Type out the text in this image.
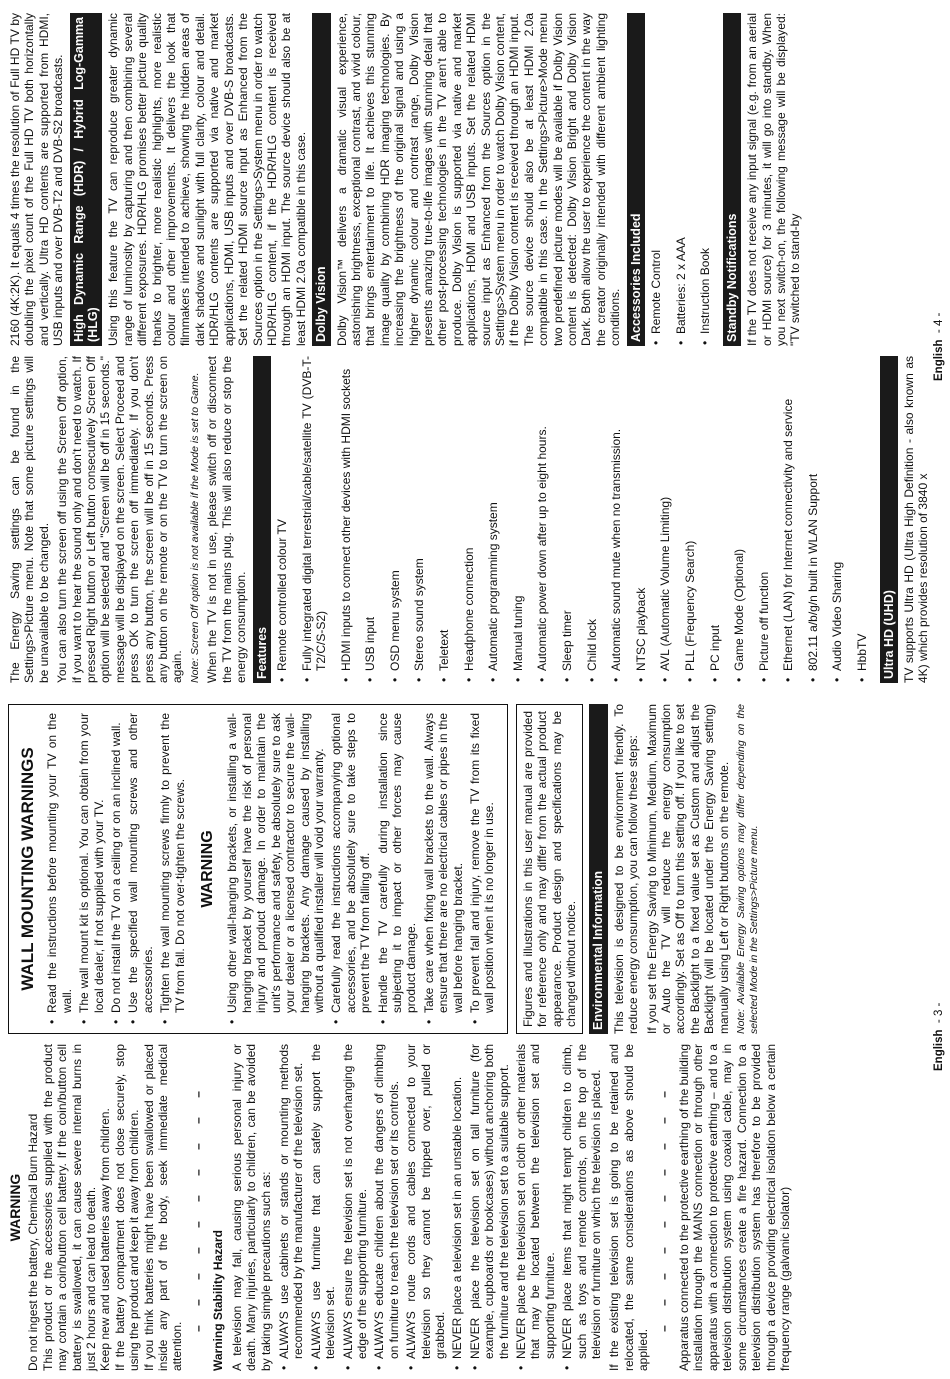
WARNING

Do not ingest the battery, Chemical Burn Hazard
This product or the accessories supplied with the product may contain a coin/button cell battery. If the coin/button cell battery is swallowed, it can cause severe internal burns in just 2 hours and can lead to death.
Keep new and used batteries away from children.
If the battery compartment does not close securely, stop using the product and keep it away from children.
If you think batteries might have been swallowed or placed inside any part of the body, seek immediate medical attention.

– – – – – – – – – – Warning Stability Hazard A television may fall, causing serious personal injury or death. Many injuries, particularly to children, can be avoided by taking simple precautions such as: • ALWAYS use cabinets or stands or mounting methods recommended by the manufacturer of the television set. • ALWAYS use furniture that can safely support the television set. • ALWAYS ensure the television set is not overhanging the edge of the supporting furniture. • ALWAYS educate children about the dangers of climbing on furniture to reach the television set or its controls. • ALWAYS route cords and cables connected to your television so they cannot be tripped over, pulled or grabbed. • NEVER place a television set in an unstable location. • NEVER place the television set on tall furniture (for example, cupboards or bookcases) without anchoring both the furniture and the television set to a suitable support. • NEVER place the television set on cloth or other materials that may be located between the television set and supporting furniture. • NEVER place items that might tempt children to climb, such as toys and remote controls, on the top of the television or furniture on which the television is placed. If the existing television set is going to be retained and relocated, the same considerations as above should be applied.

– – – – – – – – – – Apparatus connected to the protective earthing of the building installation through the MAINS connection or through other apparatus with a connection to protective earthing – and to a television distribution system using coaxial cable, may in some circumstances create a fire hazard. Connection to a television distribution system has therefore to be provided through a device providing electrical isolation below a certain frequency range (galvanic isolator)

WALL MOUNTING WARNINGS • Read the instructions before mounting your TV on the wall. • The wall mount kit is optional. You can obtain from your local dealer, if not supplied with your TV. • Do not install the TV on a ceiling or on an inclined wall. • Use the specified wall mounting screws and other accessories. • Tighten the wall mounting screws firmly to prevent the TV from fall. Do not over-tighten the screws. WARNING • Using other wall-hanging brackets, or installing a wall-hanging bracket by yourself have the risk of personal injury and product damage. In order to maintain the unit's performance and safety, be absolutely sure to ask your dealer or a licensed contractor to secure the wall-hanging brackets. Any damage caused by installing without a qualified installer will void your warranty. • Carefully read the instructions accompanying optional accessories, and be absolutely sure to take steps to prevent the TV from falling off. • Handle the TV carefully during installation since subjecting it to impact or other forces may cause product damage. • Take care when fixing wall brackets to the wall. Always ensure that there are no electrical cables or pipes in the wall before hanging bracket. • To prevent fall and injury, remove the TV from its fixed wall position when it is no longer in use. Figures and illustrations in this user manual are provided for reference only and may differ from the actual product appearance. Product design and specifications may be changed without notice. Environmental Information This television is designed to be environment friendly. To reduce energy consumption, you can follow these steps: If you set the Energy Saving to Minimum, Medium, Maximum or Auto the TV will reduce the energy consumption accordingly. Set as Off to turn this setting off. If you like to set the Backlight to a fixed value set as Custom and adjust the Backlight (will be located under the Energy Saving setting) manually using Left or Right buttons on the remote. Note: Available Energy Saving options may differ depending on the selected Mode in the Settings>Picture menu.

English  - 3 -

The Energy Saving settings can be found in the Settings>Picture menu. Note that some picture settings will be unavailable to be changed. You can also turn the screen off using the Screen Off option, if you want to hear the sound only and don't need to watch. If pressed Right button or Left button consecutively Screen Off option will be selected and "Screen will be off in 15 seconds." message will be displayed on the screen. Select Proceed and press OK to turn the screen off immediately. If you don't press any button, the screen will be off in 15 seconds. Press any button on the remote or on the TV to turn the screen on again. Note: Screen Off option is not available if the Mode is set to Game. When the TV is not in use, please switch off or disconnect the TV from the mains plug. This will also reduce or stop the energy consumption. Features • Remote controlled colour TV • Fully integrated digital terrestrial/cable/satellite TV (DVB-T-T2/C/S-S2) • HDMI inputs to connect other devices with HDMI sockets • USB input • OSD menu system • Stereo sound system • Teletext • Headphone connection • Automatic programming system • Manual tuning • Automatic power down after up to eight hours. • Sleep timer • Child lock • Automatic sound mute when no transmission. • NTSC playback • AVL (Automatic Volume Limiting) • PLL (Frequency Search) • PC input • Game Mode (Optional) • Picture off function • Ethernet (LAN) for Internet connectivity and service • 802.11 a/b/g/n built in WLAN Support • Audio Video Sharing • HbbTV Ultra HD (UHD) TV supports Ultra HD (Ultra High Definition - also known as 4K) which provides resolution of 3840 x

2160 (4K:2K). It equals 4 times the resolution of Full HD TV by doubling the pixel count of the Full HD TV both horizontally and vertically. Ultra HD contents are supported from HDMI, USB inputs and over DVB-T2 and DVB-S2 broadcasts. High Dynamic Range (HDR) / Hybrid Log-Gamma (HLG) Using this feature the TV can reproduce greater dynamic range of luminosity by capturing and then combining several different exposures. HDR/HLG promises better picture quality thanks to brighter, more realistic highlights, more realistic colour and other improvements. It delivers the look that filmmakers intended to achieve, showing the hidden areas of dark shadows and sunlight with full clarity, colour and detail. HDR/HLG contents are supported via native and market applications, HDMI, USB inputs and over DVB-S broadcasts. Set the related HDMI source input as Enhanced from the Sources option in the Settings>System menu in order to watch HDR/HLG content, if the HDR/HLG content is received through an HDMI input. The source device should also be at least HDMI 2.0a compatible in this case. Dolby Vision Dolby Vision™ delivers a dramatic visual experience, astonishing brightness, exceptional contrast, and vivid colour, that brings entertainment to life. It achieves this stunning image quality by combining HDR imaging technologies. By increasing the brightness of the original signal and using a higher dynamic colour and contrast range, Dolby Vision presents amazing true-to-life images with stunning detail that other post-processing technologies in the TV aren't able to produce. Dolby Vision is supported via native and market applications, HDMI and USB inputs. Set the related HDMI source input as Enhanced from the Sources option in the Settings>System menu in order to watch Dolby Vision content, if the Dolby Vision content is received through an HDMI input. The source device should also be at least HDMI 2.0a compatible in this case. In the Settings>Picture>Mode menu two predefined picture modes will be available if Dolby Vision content is detected: Dolby Vision Bright and Dolby Vision Dark. Both allow the user to experience the content in the way the creator originally intended with different ambient lighting conditions. Accessories Included • Remote Control • Batteries: 2 x AAA • Instruction Book Standby Notifications If the TV does not receive any input signal (e.g. from an aerial or HDMI source) for 3 minutes, it will go into standby. When you next switch-on, the following message will be displayed: "TV switched to stand-by

English  - 4 -
